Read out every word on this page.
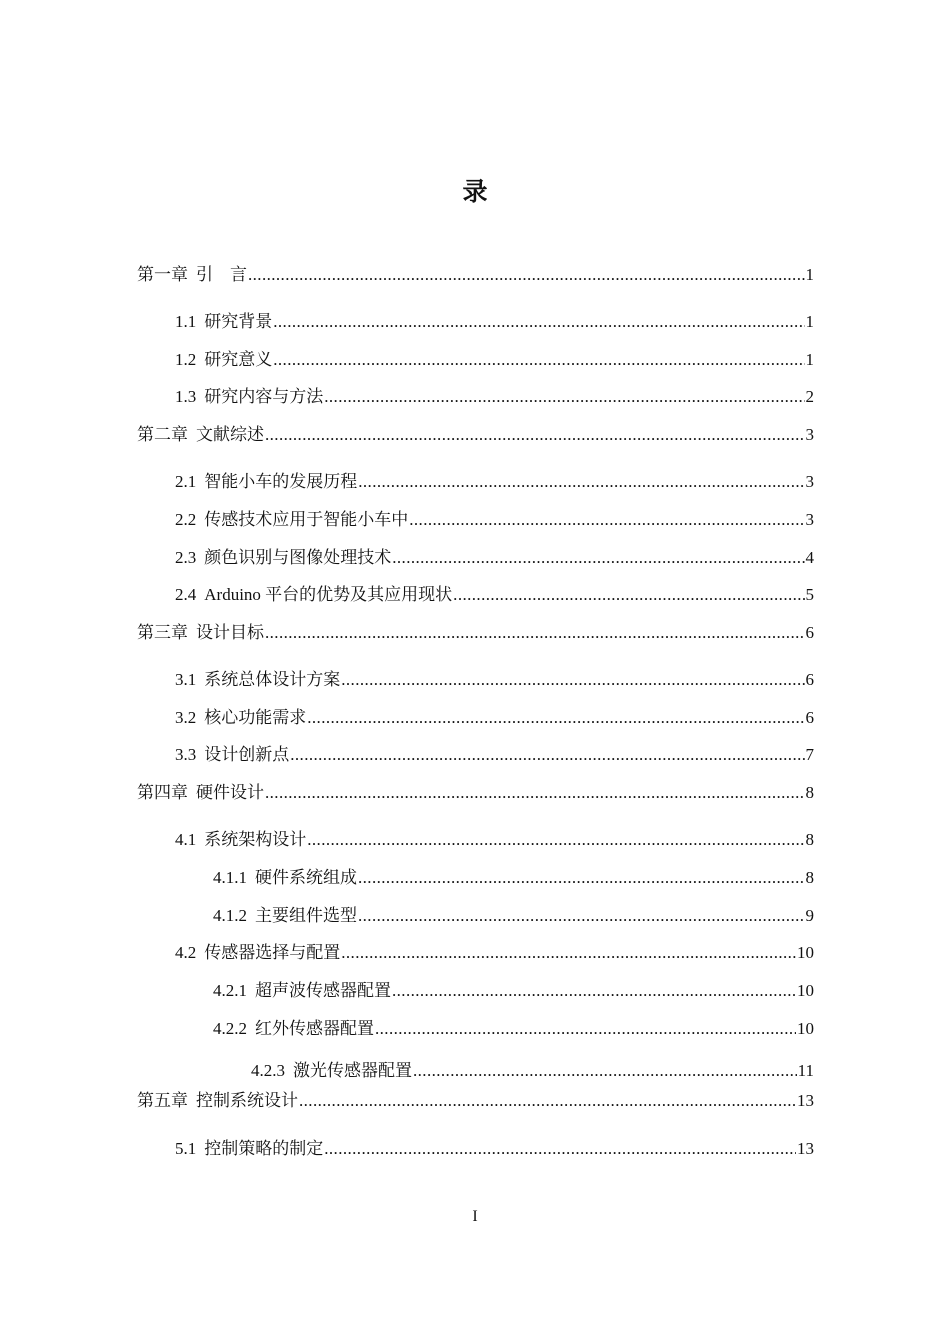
录
第一章 引　言 .....	1
1.1 研究背景 .....	1
1.2 研究意义 .....	1
1.3 研究内容与方法 .....	2
第二章 文献综述 .....	3
2.1 智能小车的发展历程 .....	3
2.2 传感技术应用于智能小车中 .....	3
2.3 颜色识别与图像处理技术 .....	4
2.4 Arduino 平台的优势及其应用现状 .....	5
第三章 设计目标 .....	6
3.1 系统总体设计方案 .....	6
3.2 核心功能需求 .....	6
3.3 设计创新点 .....	7
第四章 硬件设计 .....	8
4.1 系统架构设计 .....	8
4.1.1 硬件系统组成 .....	8
4.1.2 主要组件选型 .....	9
4.2 传感器选择与配置 .....	10
4.2.1 超声波传感器配置 .....	10
4.2.2 红外传感器配置 .....	10
4.2.3 激光传感器配置 .....	11
第五章 控制系统设计 .....	13
5.1 控制策略的制定 .....	13
I
